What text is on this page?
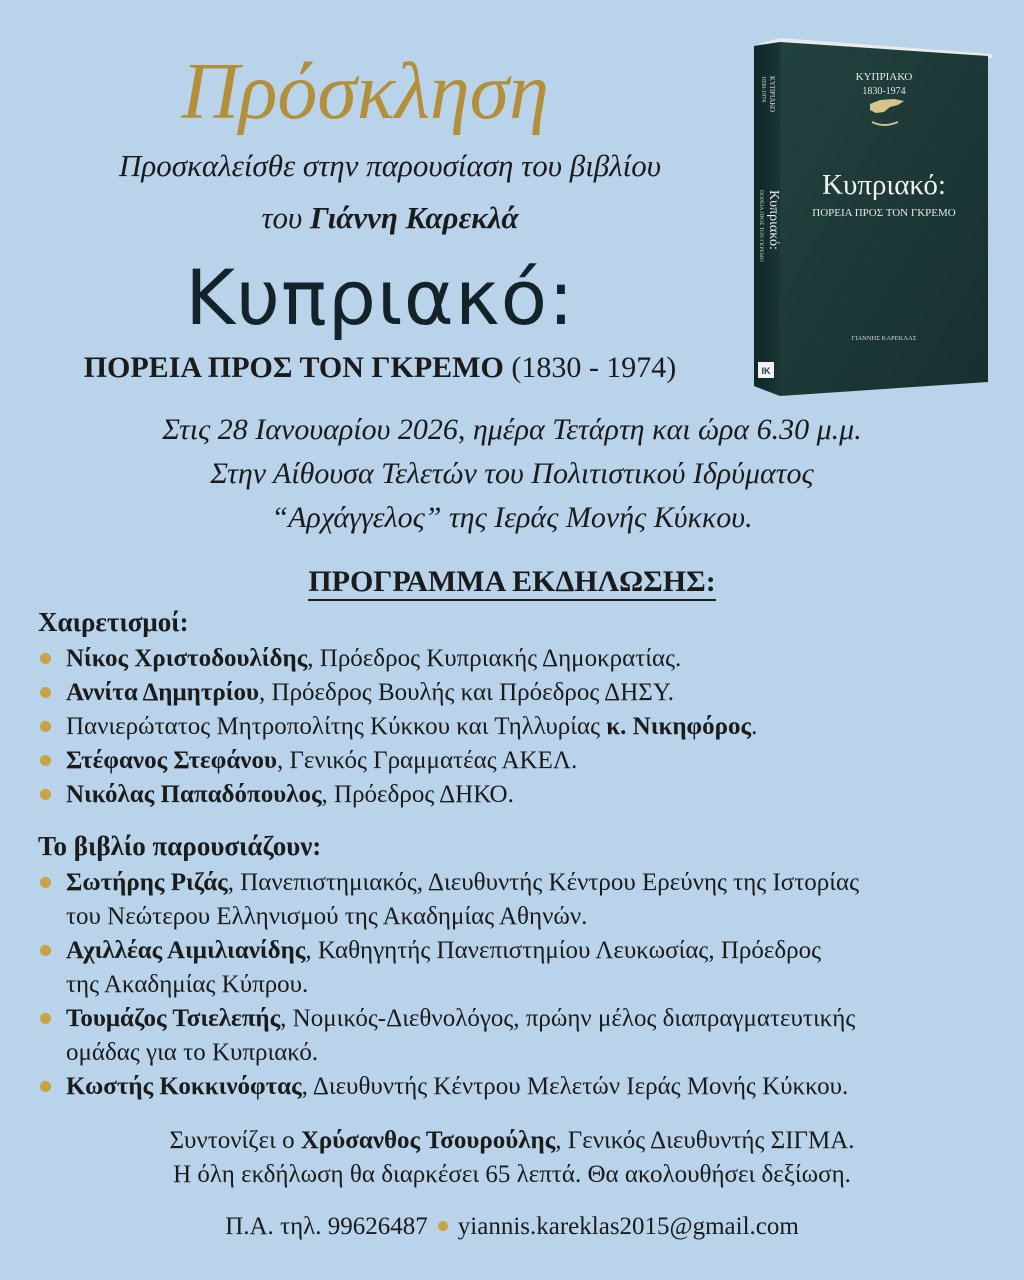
Πρόσκληση
Προσκαλείσθε στην παρουσίαση του βιβλίου
του Γιάννη Καρεκλά
Κυπριακό:
ΠΟΡΕΙΑ ΠΡΟΣ ΤΟΝ ΓΚΡΕΜΟ (1830 - 1974)
ΚΥΠΡΙΑΚΟ
1830-1974
Κυπριακό:
ΠΟΡΕΙΑ ΠΡΟΣ ΤΟΝ ΓΚΡΕΜΟ
ΓΙΑΝΝΗΣ ΚΑΡΕΚΛΑΣ
ΚΥΠΡΙΑΚΟ
1830-1974
Κυπριακό:
ΠΟΡΕΙΑ ΠΡΟΣ ΤΟΝ ΓΚΡΕΜΟ
ΙΚ
Στις 28 Ιανουαρίου 2026, ημέρα Τετάρτη και ώρα 6.30 μ.μ.
Στην Αίθουσα Τελετών του Πολιτιστικού Ιδρύματος
“Αρχάγγελος” της Ιεράς Μονής Κύκκου.
ΠΡΟΓΡΑΜΜΑ ΕΚΔΗΛΩΣΗΣ:
Χαιρετισμοί:
Νίκος Χριστοδουλίδης, Πρόεδρος Κυπριακής Δημοκρατίας.
Αννίτα Δημητρίου, Πρόεδρος Βουλής και Πρόεδρος ΔΗΣΥ.
Πανιερώτατος Μητροπολίτης Κύκκου και Τηλλυρίας κ. Νικηφόρος.
Στέφανος Στεφάνου, Γενικός Γραμματέας ΑΚΕΛ.
Νικόλας Παπαδόπουλος, Πρόεδρος ΔΗΚΟ.
Το βιβλίο παρουσιάζουν:
Σωτήρης Ριζάς, Πανεπιστημιακός, Διευθυντής Κέντρου Ερεύνης της Ιστορίας
του Νεώτερου Ελληνισμού της Ακαδημίας Αθηνών.
Αχιλλέας Αιμιλιανίδης, Καθηγητής Πανεπιστημίου Λευκωσίας, Πρόεδρος
της Ακαδημίας Κύπρου.
Τουμάζος Τσιελεπής, Νομικός-Διεθνολόγος, πρώην μέλος διαπραγματευτικής
ομάδας για το Κυπριακό.
Κωστής Κοκκινόφτας, Διευθυντής Κέντρου Μελετών Ιεράς Μονής Κύκκου.
Συντονίζει ο Χρύσανθος Τσουρούλης, Γενικός Διευθυντής ΣΙΓΜΑ.
Η όλη εκδήλωση θα διαρκέσει 65 λεπτά. Θα ακολουθήσει δεξίωση.
Π.Α. τηλ. 99626487 yiannis.kareklas2015@gmail.com
